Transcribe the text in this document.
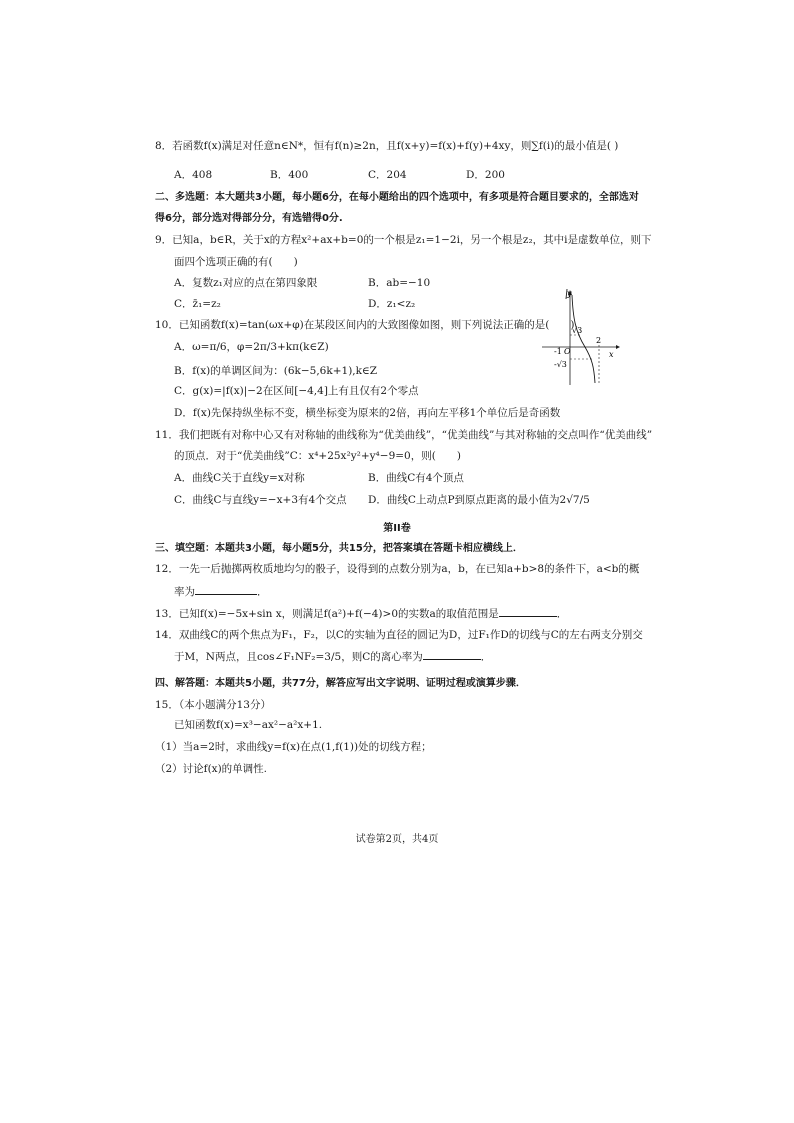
8．若函数f(x)满足对任意n∈N*，恒有f(n)≥2n，且f(x+y)=f(x)+f(y)+4xy，则∑f(i)的最小值是( )
A．408	B．400	C．204	D．200
二、多选题：本大题共3小题，每小题6分，在每小题给出的四个选项中，有多项是符合题目要求的，全部选对
得6分，部分选对得部分分，有选错得0分.
9．已知a，b∈R，关于x的方程x²+ax+b=0的一个根是z₁=1−2i，另一个根是z₂，其中i是虚数单位，则下
面四个选项正确的有(　　)
A．复数z₁对应的点在第四象限	B．ab=−10
C．z̄₁=z₂	D．z₁<z₂
10．已知函数f(x)=tan(ωx+φ)在某段区间内的大致图像如图，则下列说法正确的是(　　)
A．ω=π/6，φ=2π/3+kπ(k∈Z)
B．f(x)的单调区间为：(6k−5,6k+1),k∈Z
C．g(x)=|f(x)|−2在区间[−4,4]上有且仅有2个零点
D．f(x)先保持纵坐标不变，横坐标变为原来的2倍，再向左平移1个单位后是奇函数
y
x
√3
-√3
-1 O
2
11．我们把既有对称中心又有对称轴的曲线称为“优美曲线”，“优美曲线”与其对称轴的交点叫作“优美曲线”
的顶点．对于“优美曲线”C：x⁴+25x²y²+y⁴−9=0，则(　　)
A．曲线C关于直线y=x对称	B．曲线C有4个顶点
C．曲线C与直线y=−x+3有4个交点 D．曲线C上动点P到原点距离的最小值为2√7/5
第II卷
三、填空题：本题共3小题，每小题5分，共15分，把答案填在答题卡相应横线上．
12．一先一后抛掷两枚质地均匀的骰子，设得到的点数分别为a，b，在已知a+b>8的条件下，a<b的概
率为	．
13．已知f(x)=−5x+sin x，则满足f(a²)+f(−4)>0的实数a的取值范围是	．
14．双曲线C的两个焦点为F₁，F₂，以C的实轴为直径的圆记为D，过F₁作D的切线与C的左右两支分别交
于M，N两点，且cos∠F₁NF₂=3/5，则C的离心率为	．
四、解答题：本题共5小题，共77分，解答应写出文字说明、证明过程或演算步骤．
15．（本小题满分13分）
已知函数f(x)=x³−ax²−a²x+1.
（1）当a=2时，求曲线y=f(x)在点(1,f(1))处的切线方程；
（2）讨论f(x)的单调性.
试卷第2页，共4页
